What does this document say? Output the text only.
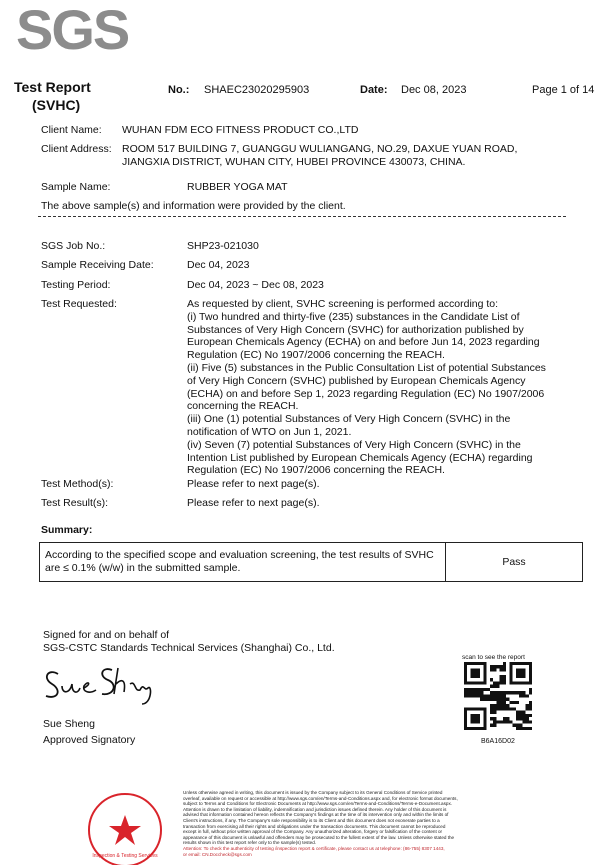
SGS
Test Report
(SVHC)
No.: SHAEC23020295903	Date: Dec 08, 2023	Page 1 of 14
Client Name: WUHAN FDM ECO FITNESS PRODUCT CO.,LTD
Client Address: ROOM 517 BUILDING 7, GUANGGU WULIANGANG, NO.29, DAXUE YUAN ROAD,
JIANGXIA DISTRICT, WUHAN CITY, HUBEI PROVINCE 430073, CHINA.
Sample Name:	RUBBER YOGA MAT
The above sample(s) and information were provided by the client.
SGS Job No.:	SHP23-021030
Sample Receiving Date:	Dec 04, 2023
Testing Period:	Dec 04, 2023 ~ Dec 08, 2023
Test Requested:	As requested by client, SVHC screening is performed according to:
(i) Two hundred and thirty-five (235) substances in the Candidate List of
Substances of Very High Concern (SVHC) for authorization published by
European Chemicals Agency (ECHA) on and before Jun 14, 2023 regarding
Regulation (EC) No 1907/2006 concerning the REACH.
(ii) Five (5) substances in the Public Consultation List of potential Substances
of Very High Concern (SVHC) published by European Chemicals Agency
(ECHA) on and before Sep 1, 2023 regarding Regulation (EC) No 1907/2006
concerning the REACH.
(iii) One (1) potential Substances of Very High Concern (SVHC) in the
notification of WTO on Jun 1, 2021.
(iv) Seven (7) potential Substances of Very High Concern (SVHC) in the
Intention List published by European Chemicals Agency (ECHA) regarding
Regulation (EC) No 1907/2006 concerning the REACH.
Test Method(s):	Please refer to next page(s).
Test Result(s):	Please refer to next page(s).
Summary:
According to the specified scope and evaluation screening, the test results of SVHC are ≤ 0.1% (w/w) in the submitted sample.	Pass
Signed for and on behalf of
SGS-CSTC Standards Technical Services (Shanghai) Co., Ltd.
Sue Sheng
Approved Signatory
scan to see the report
B6A16D02
Inspection & Testing Services
Unless otherwise agreed in writing, this document is issued by the Company subject to its General Conditions of Service printed
overleaf, available on request or accessible at http://www.sgs.com/en/Terms-and-Conditions.aspx and, for electronic format documents,
subject to Terms and Conditions for Electronic Documents at http://www.sgs.com/en/Terms-and-Conditions/Terms-e-Document.aspx.
Attention is drawn to the limitation of liability, indemnification and jurisdiction issues defined therein. Any holder of this document is
advised that information contained hereon reflects the Company's findings at the time of its intervention only and within the limits of
Client's instructions, if any. The Company's sole responsibility is to its Client and this document does not exonerate parties to a
transaction from exercising all their rights and obligations under the transaction documents. This document cannot be reproduced
except in full, without prior written approval of the Company. Any unauthorized alteration, forgery or falsification of the content or
appearance of this document is unlawful and offenders may be prosecuted to the fullest extent of the law. Unless otherwise stated the
results shown in this test report refer only to the sample(s) tested.
Attention: To check the authenticity of testing /inspection report & certificate, please contact us at telephone: (86-755) 8307 1443,
or email: CN.Doccheck@sgs.com
